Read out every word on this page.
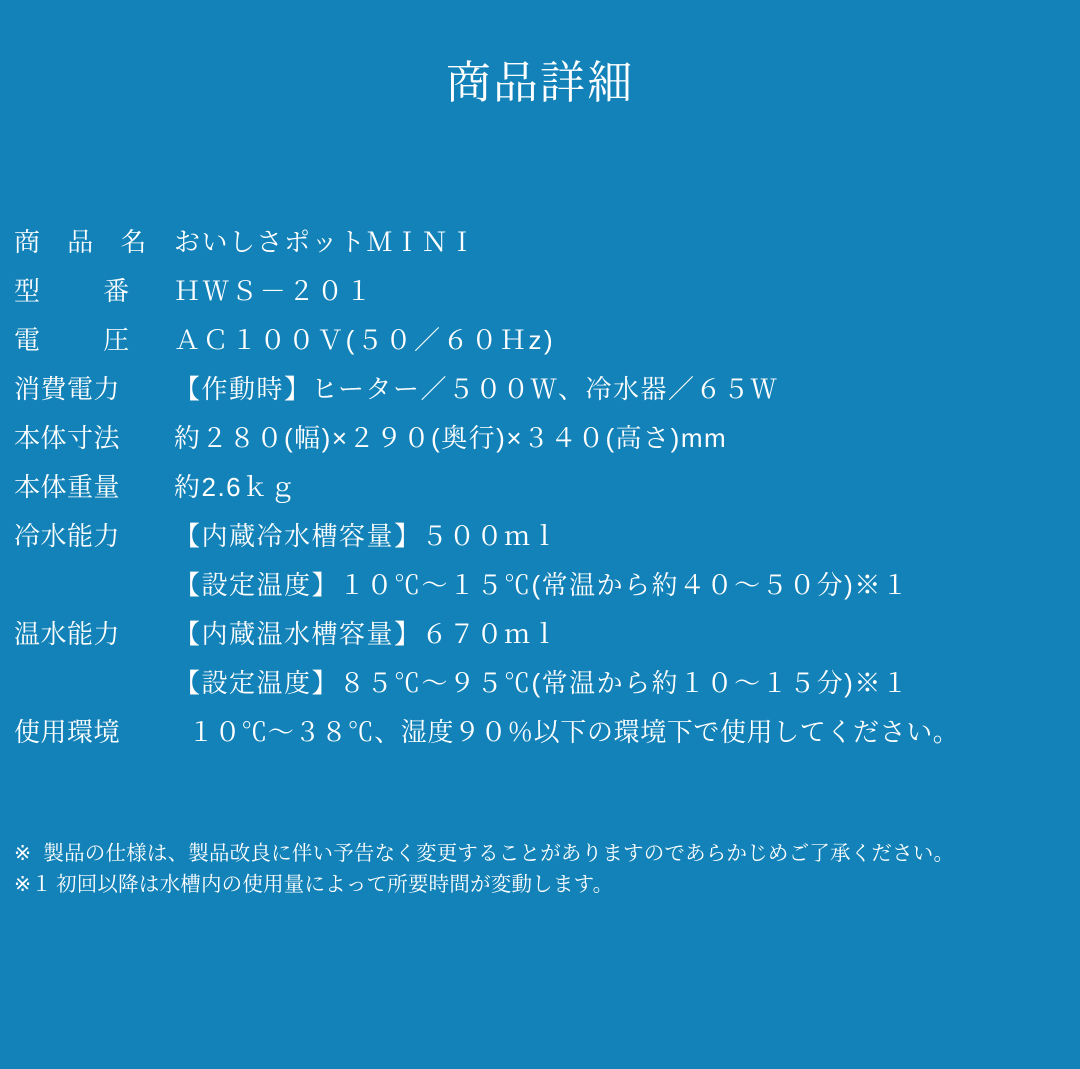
商品詳細
商 品 名 おいしさポットＭＩＮＩ
型　 番	ＨＷＳ－２０１
電　 圧	ＡＣ１００Ｖ(５０／６０Ｈz)
消費電力	【作動時】ヒーター／５００Ｗ、冷水器／６５Ｗ
本体寸法	約２８０(幅)×２９０(奥行)×３４０(高さ)mm
本体重量	約2.6ｋｇ
冷水能力	【内蔵冷水槽容量】５００ｍｌ
【設定温度】１０℃〜１５℃(常温から約４０〜５０分)※１
温水能力	【内蔵温水槽容量】６７０ｍｌ
【設定温度】８５℃〜９５℃(常温から約１０〜１５分)※１
使用環境	１０℃〜３８℃、湿度９０％以下の環境下で使用してください。
※ 製品の仕様は、製品改良に伴い予告なく変更することがありますのであらかじめご了承ください。
※１ 初回以降は水槽内の使用量によって所要時間が変動します。
